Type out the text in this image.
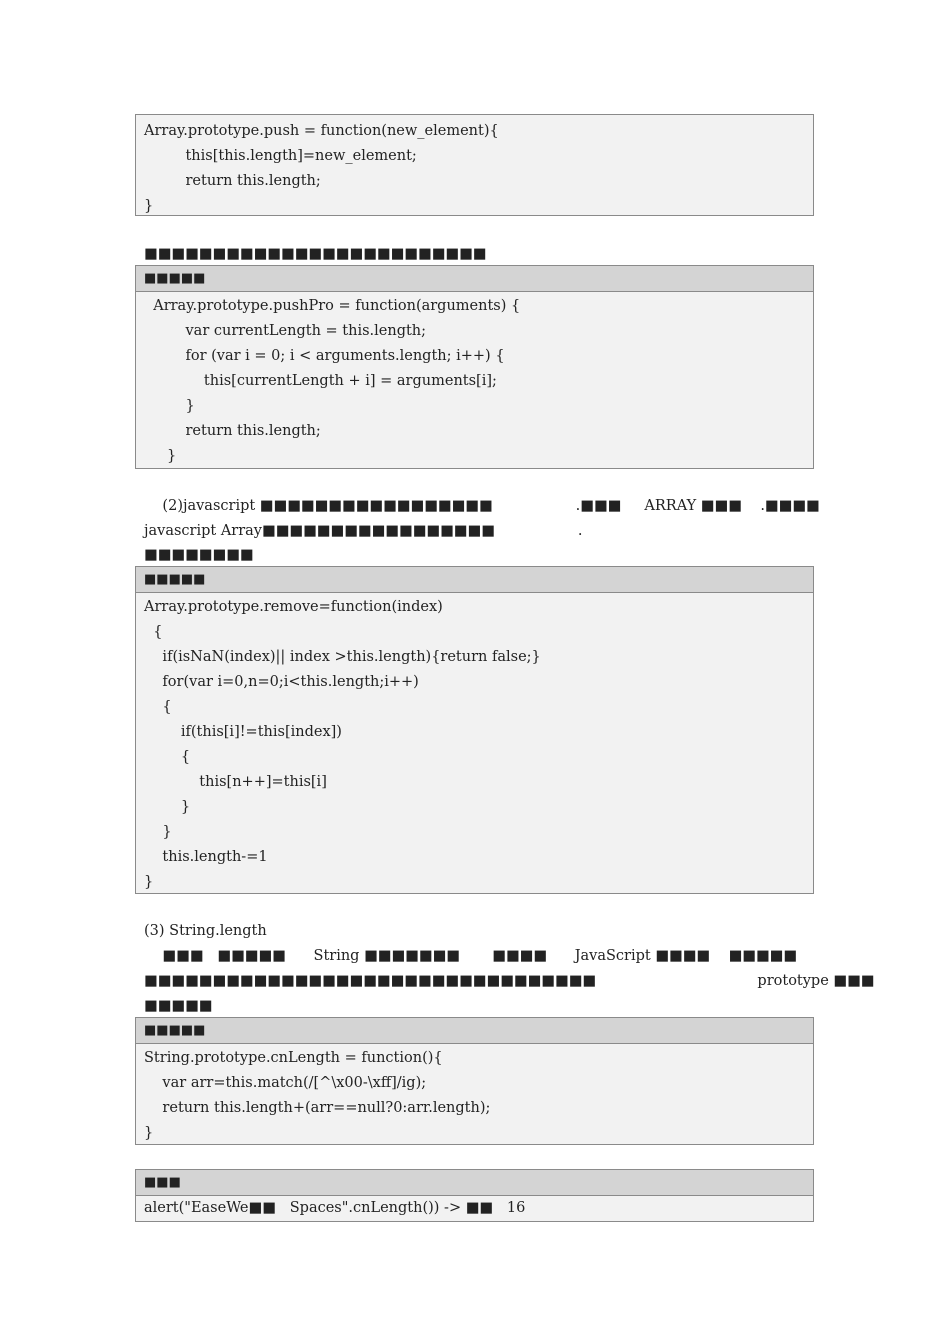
Array.prototype.push = function(new_element){
this[this.length]=new_element;
return this.length;
}
■■■■■■■■■■■■■■■■■■■■■■■■■
■■■■■
Array.prototype.pushPro = function(arguments) {
var currentLength = this.length;
for (var i = 0; i < arguments.length; i++) {
this[currentLength + i] = arguments[i];
}
return this.length;
}
(2)javascript ■■■■■■■■■■■■■■■■■                  .■■■     ARRAY ■■■    .■■■■
javascript Array■■■■■■■■■■■■■■■■■                  .
■■■■■■■■
■■■■■
Array.prototype.remove=function(index)
{
if(isNaN(index)|| index >this.length){return false;}
for(var i=0,n=0;i<this.length;i++)
{
if(this[i]!=this[index])
{
this[n++]=this[i]
}
}
this.length-=1
}
(3) String.length
■■■   ■■■■■      String ■■■■■■■       ■■■■      JavaScript ■■■■    ■■■■■
■■■■■■■■■■■■■■■■■■■■■■■■■■■■■■■■■                                   prototype ■■■
■■■■■
■■■■■
String.prototype.cnLength = function(){
var arr=this.match(/[^\x00-\xff]/ig);
return this.length+(arr==null?0:arr.length);
}
■■■
alert("EaseWe■■   Spaces".cnLength()) -> ■■   16
